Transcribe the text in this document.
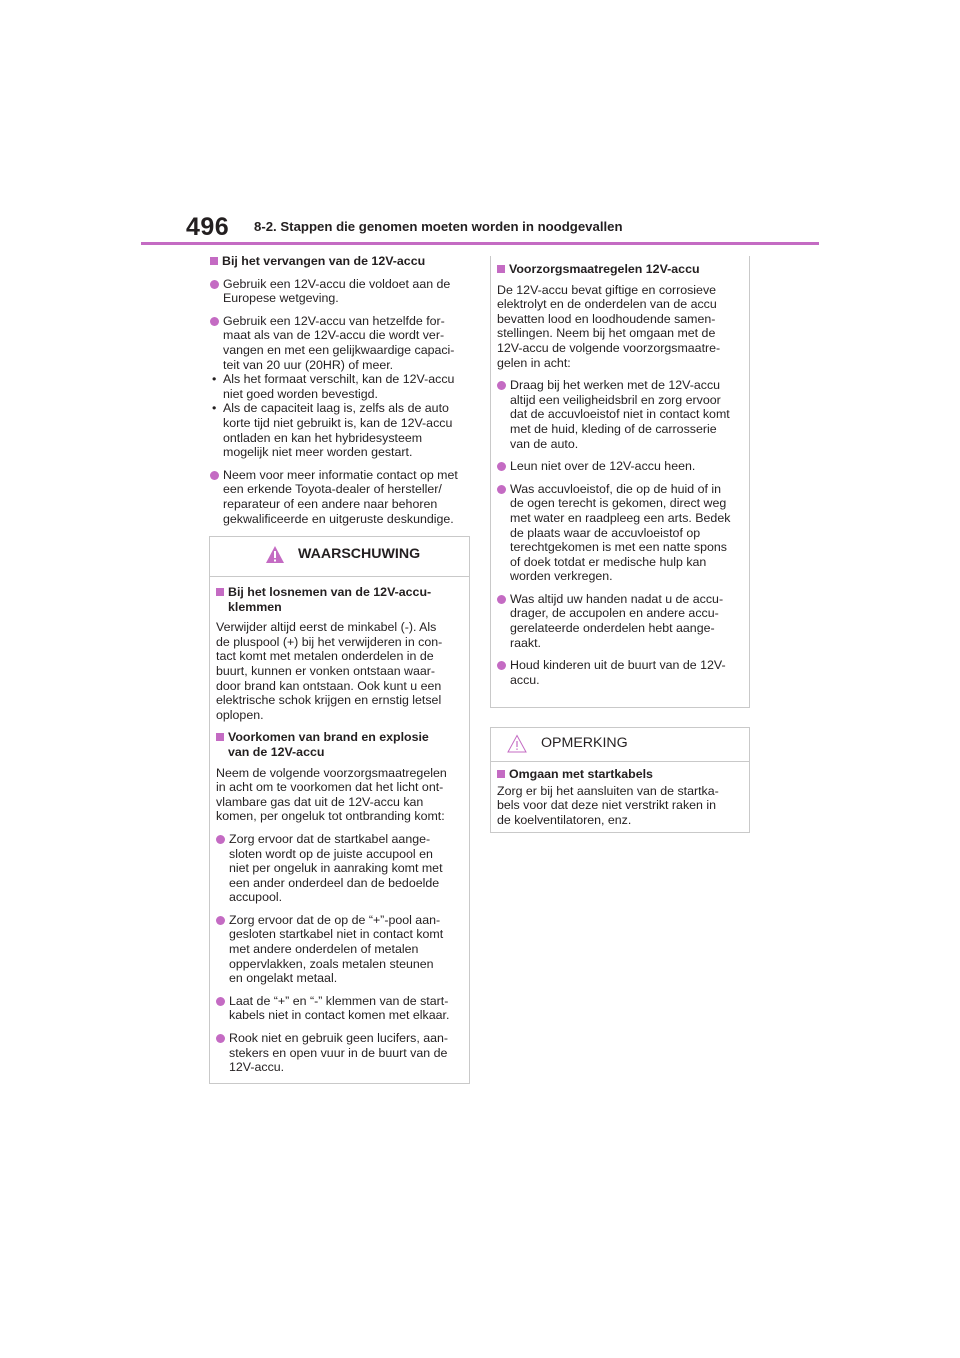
496 8-2. Stappen die genomen moeten worden in noodgevallen
Bij het vervangen van de 12V-accu
Gebruik een 12V-accu die voldoet aan de
Europese wetgeving.
Gebruik een 12V-accu van hetzelfde for-
maat als van de 12V-accu die wordt ver-
vangen en met een gelijkwaardige capaci-
teit van 20 uur (20HR) of meer.
• Als het formaat verschilt, kan de 12V-accu
niet goed worden bevestigd.
• Als de capaciteit laag is, zelfs als de auto
korte tijd niet gebruikt is, kan de 12V-accu
ontladen en kan het hybridesysteem
mogelijk niet meer worden gestart.
Neem voor meer informatie contact op met
een erkende Toyota-dealer of hersteller/
reparateur of een andere naar behoren
gekwalificeerde en uitgeruste deskundige.
WAARSCHUWING
Bij het losnemen van de 12V-accu-
klemmen
Verwijder altijd eerst de minkabel (-). Als
de pluspool (+) bij het verwijderen in con-
tact komt met metalen onderdelen in de
buurt, kunnen er vonken ontstaan waar-
door brand kan ontstaan. Ook kunt u een
elektrische schok krijgen en ernstig letsel
oplopen.
Voorkomen van brand en explosie
van de 12V-accu
Neem de volgende voorzorgsmaatregelen
in acht om te voorkomen dat het licht ont-
vlambare gas dat uit de 12V-accu kan
komen, per ongeluk tot ontbranding komt:
Zorg ervoor dat de startkabel aange-
sloten wordt op de juiste accupool en
niet per ongeluk in aanraking komt met
een ander onderdeel dan de bedoelde
accupool.
Zorg ervoor dat de op de “+”-pool aan-
gesloten startkabel niet in contact komt
met andere onderdelen of metalen
oppervlakken, zoals metalen steunen
en ongelakt metaal.
Laat de “+” en “-” klemmen van de start-
kabels niet in contact komen met elkaar.
Rook niet en gebruik geen lucifers, aan-
stekers en open vuur in de buurt van de
12V-accu.
Voorzorgsmaatregelen 12V-accu
De 12V-accu bevat giftige en corrosieve
elektrolyt en de onderdelen van de accu
bevatten lood en loodhoudende samen-
stellingen. Neem bij het omgaan met de
12V-accu de volgende voorzorgsmaatre-
gelen in acht:
Draag bij het werken met de 12V-accu
altijd een veiligheidsbril en zorg ervoor
dat de accuvloeistof niet in contact komt
met de huid, kleding of de carrosserie
van de auto.
Leun niet over de 12V-accu heen.
Was accuvloeistof, die op de huid of in
de ogen terecht is gekomen, direct weg
met water en raadpleeg een arts. Bedek
de plaats waar de accuvloeistof op
terechtgekomen is met een natte spons
of doek totdat er medische hulp kan
worden verkregen.
Was altijd uw handen nadat u de accu-
drager, de accupolen en andere accu-
gerelateerde onderdelen hebt aange-
raakt.
Houd kinderen uit de buurt van de 12V-
accu.
OPMERKING
Omgaan met startkabels
Zorg er bij het aansluiten van de startka-
bels voor dat deze niet verstrikt raken in
de koelventilatoren, enz.
